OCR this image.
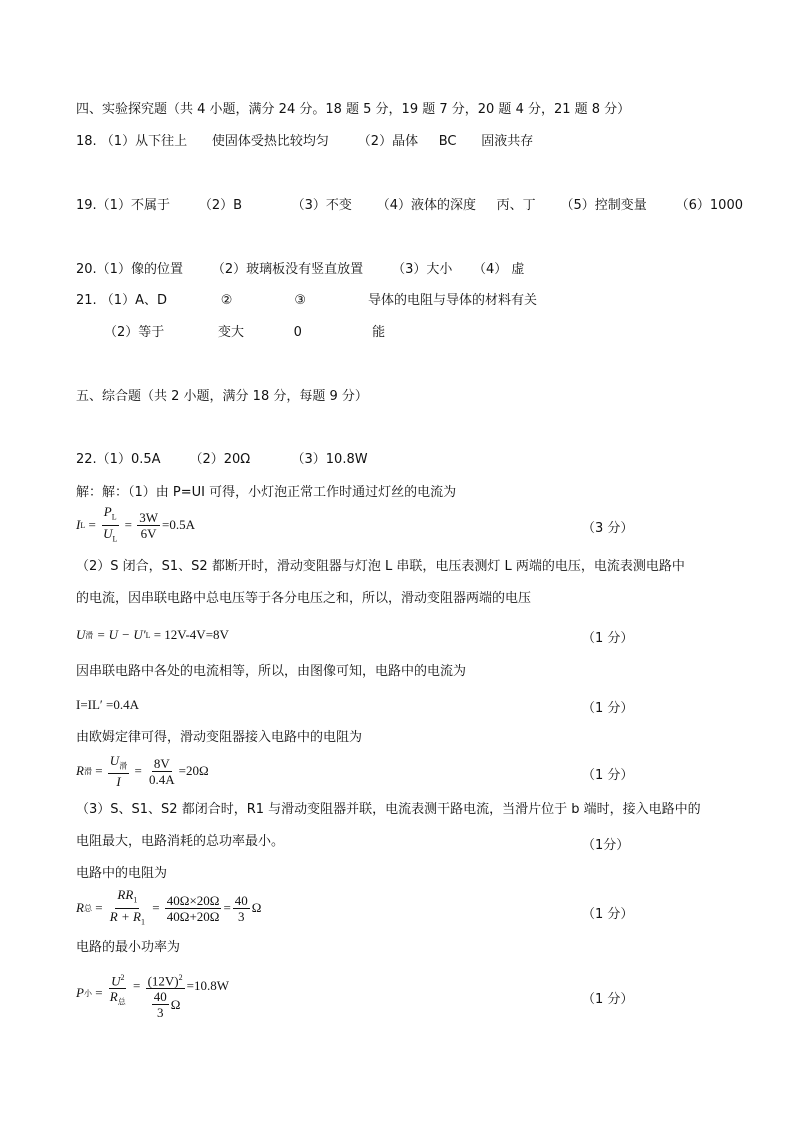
四、实验探究题（共 4 小题，满分 24 分。18 题 5 分，19 题 7 分，20 题 4 分，21 题 8 分）
18. （1）从下往上      使固体受热比较均匀       （2）晶体     BC      固液共存
19.（1）不属于       （2）B            （3）不变      （4）液体的深度     丙、丁      （5）控制变量       （6）1000
20.（1）像的位置       （2）玻璃板没有竖直放置       （3）大小     （4） 虚
21. （1）A、D             ②               ③               导体的电阻与导体的材料有关
（2）等于             变大            0                 能
五、综合题（共 2 小题，满分 18 分，每题 9 分）
22.（1）0.5A       （2）20Ω          （3）10.8W
解：解：（1）由 P=UI 可得，小灯泡正常工作时通过灯丝的电流为
I $L = \frac{P_L}{U_L} = \frac{3W}{6V} =0.5A$	（3 分）
（2）S 闭合，S1、S2 都断开时，滑动变阻器与灯泡 L 串联，电压表测灯 L 两端的电压，电流表测电路中
的电流，因串联电路中总电压等于各分电压之和，所以，滑动变阻器两端的电压
U 滑
= U − U′ L
= 12V-4V=8V	（1 分）
因串联电路中各处的电流相等，所以，由图像可知，电路中的电流为
I=IL′ =0.4A	（1 分）
由欧姆定律可得，滑动变阻器接入电路中的电阻为
R 滑 = $\frac{U_滑}{I} = \frac{8V}{0.4A} =20\Omega$	（1 分）
（3）S、S1、S2 都闭合时，R1 与滑动变阻器并联，电流表测干路电流，当滑片位于 b 端时，接入电路中的
电阻最大，电路消耗的总功率最小。	（1分）
电路中的电阻为
R 总 = $\frac{RR_1}{R + R_1} = \frac{40\Omega\times 20\Omega}{40\Omega+20\Omega} = \frac{40}{3}$ Ω	（1 分）
电路的最小功率为
P 小 = $\frac{U^2}{R_总} = \frac{(12V)^2}{\frac{40}{3} \Omega} =10.8W$
（1 分）
